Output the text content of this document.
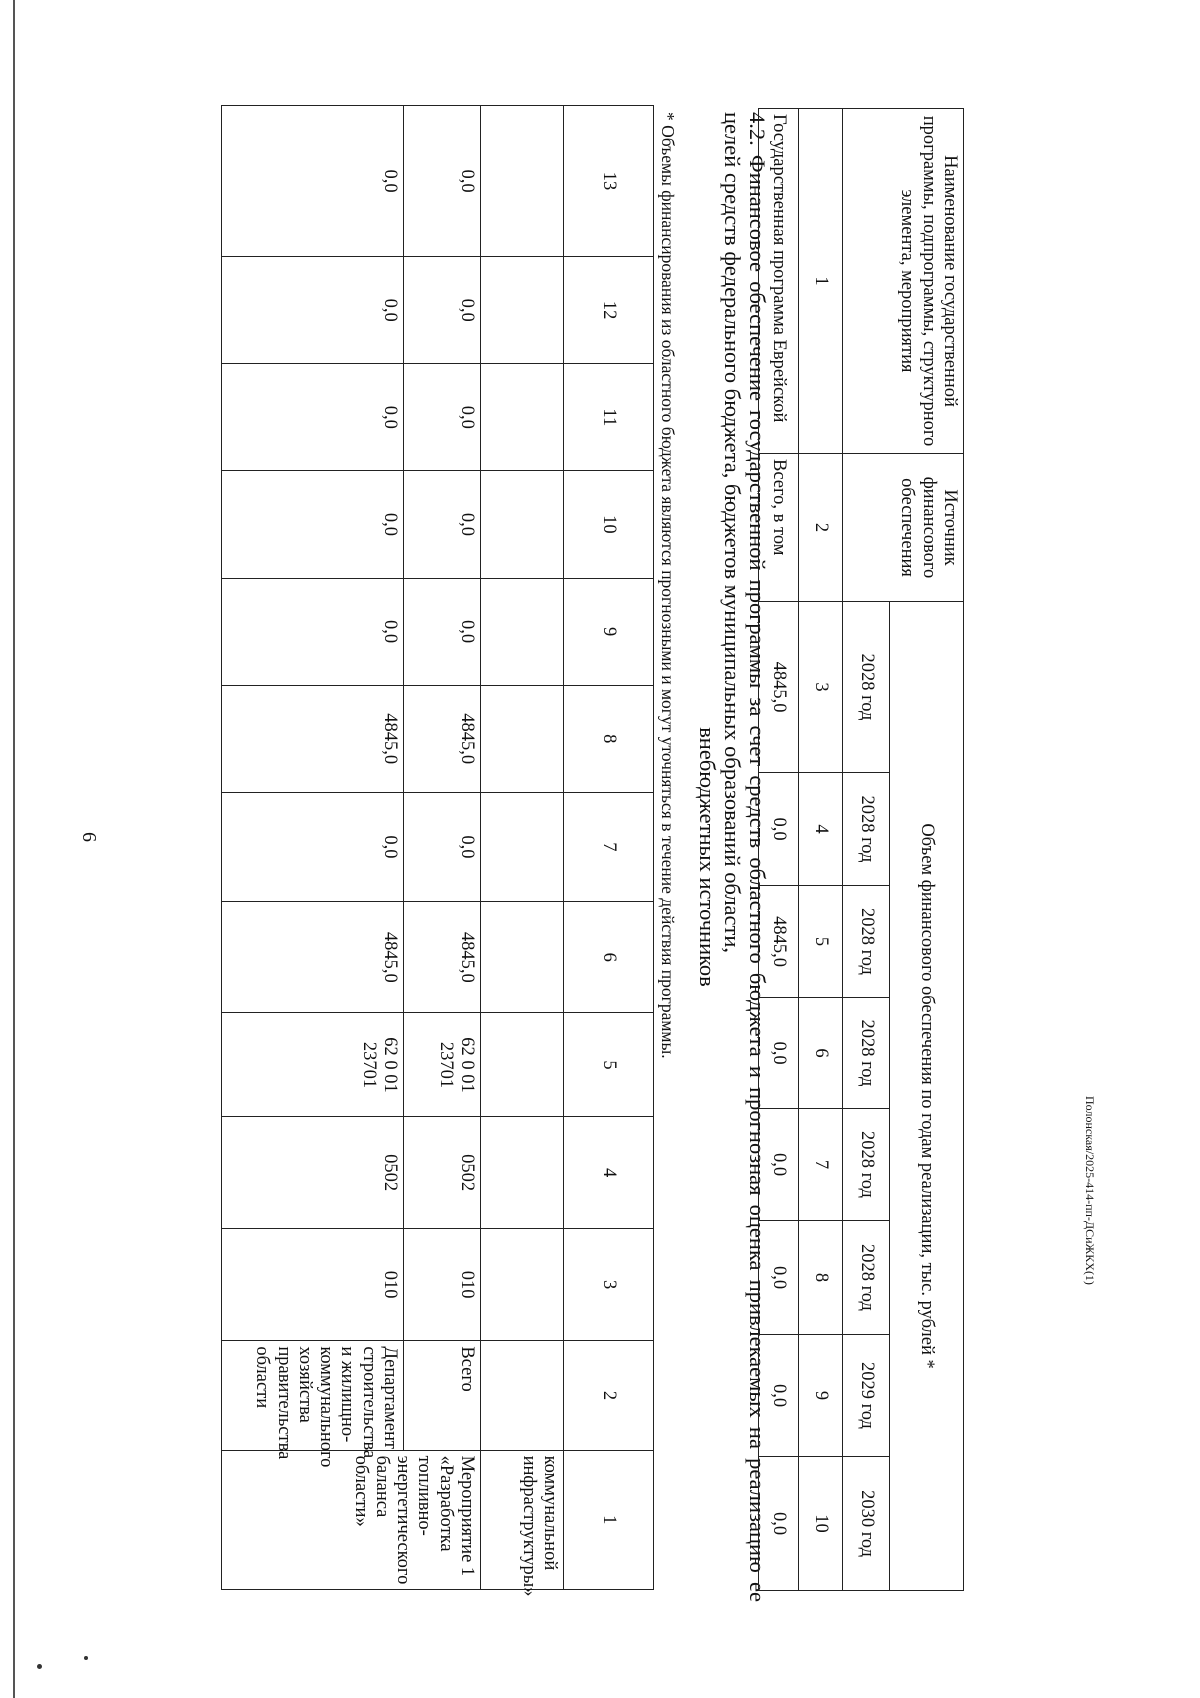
6
Полонская/2025-414-пп-ДСиЖКХ(1)
13	12	11	10	9	8	7	6	5	4	3	2	1
												коммунальной инфраструктуры»
0,0	0,0	0,0	0,0	0,0	4845,0	0,0	4845,0	62 0 01 23701	0502	010	Всего	Мероприятие 1 «Разработка топливно-энергетического баланса области»
0,0	0,0	0,0	0,0	0,0	4845,0	0,0	4845,0	62 0 01 23701	0502	010	Департамент строительства и жилищно-коммунального хозяйства правительства области	
* Объемы финансирования из областного бюджета являются прогнозными и могут уточняться в течение действия программы.	4.2. Финансовое обеспечение государственной программы за счет средств областного бюджета и прогнозная оценка привлекаемых на реализацию ее целей средств федерального бюджета, бюджетов муниципальных образований области,
внебюджетных источников
Наименование государственной программы, подпрограммы, структурного элемента, мероприятия	Источник финансового обеспечения	Объем финансового обеспечения по годам реализации, тыс. рублей *							
		2028 год	2028 год	2028 год	2028 год	2028 год	2028 год	2029 год	2030 год
1	2	3	4	5	6	7	8	9	10
Государственная программа Еврейской	Всего, в том	4845,0	0,0	4845,0	0,0	0,0	0,0	0,0	0,0
